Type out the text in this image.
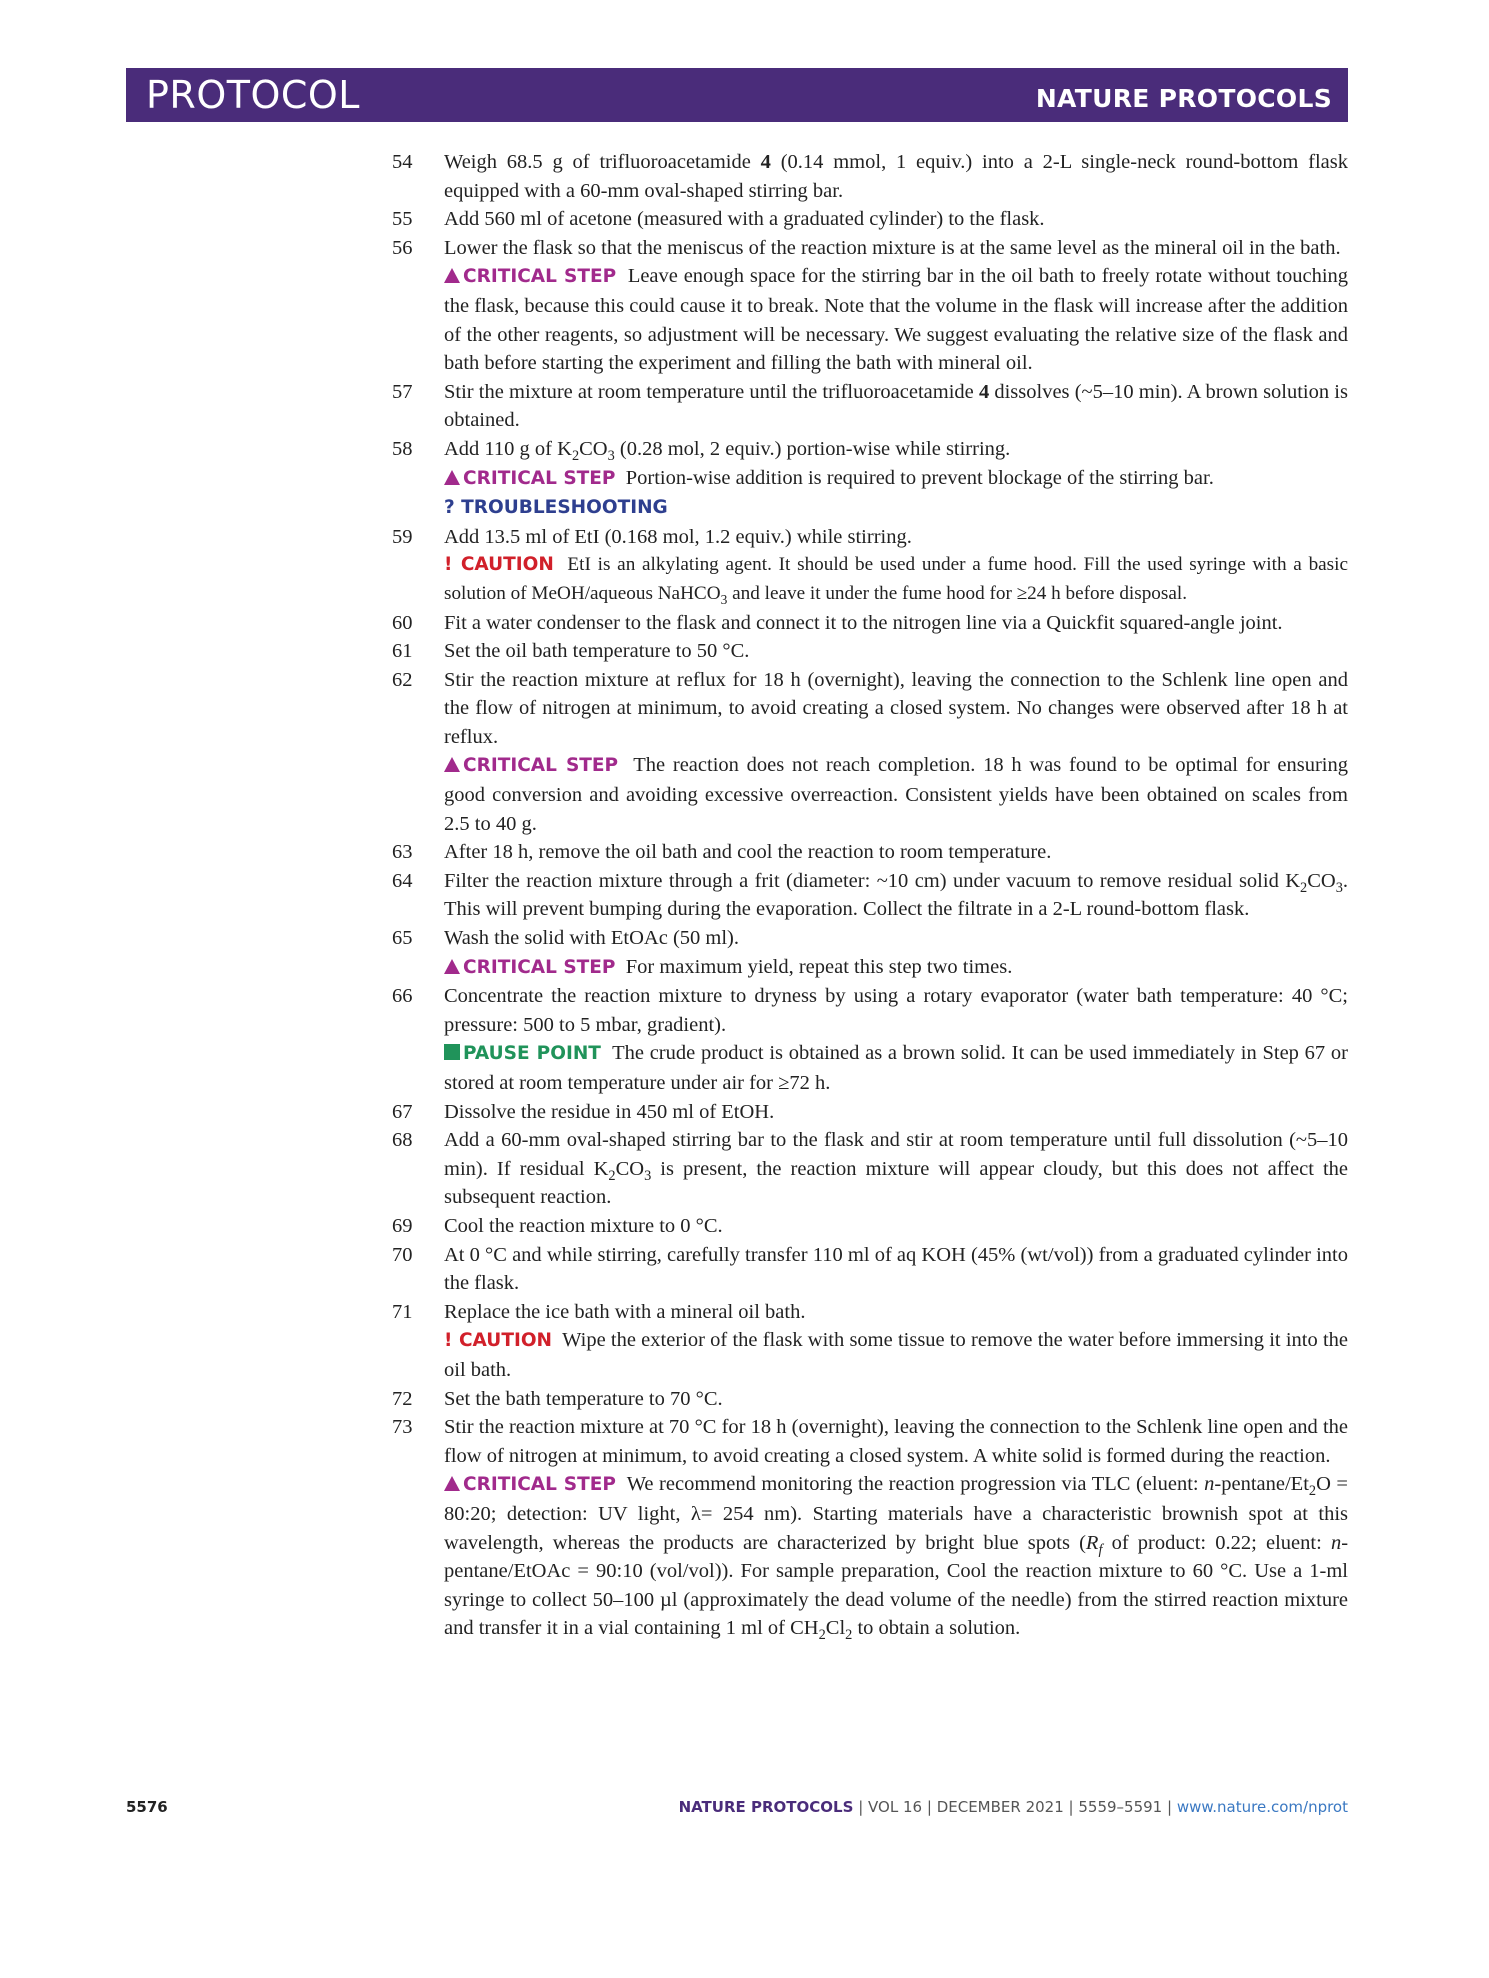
PROTOCOL	NATURE PROTOCOLS
54	Weigh 68.5 g of trifluoroacetamide 4 (0.14 mmol, 1 equiv.) into a 2-L single-neck round-bottom flask equipped with a 60-mm oval-shaped stirring bar.

55	Add 560 ml of acetone (measured with a graduated cylinder) to the flask.

56	Lower the flask so that the meniscus of the reaction mixture is at the same level as the mineral oil in the bath.

CRITICAL STEP Leave enough space for the stirring bar in the oil bath to freely rotate without touching the flask, because this could cause it to break. Note that the volume in the flask will increase after the addition of the other reagents, so adjustment will be necessary. We suggest evaluating the relative size of the flask and bath before starting the experiment and filling the bath with mineral oil.

57	Stir the mixture at room temperature until the trifluoroacetamide 4 dissolves (~5–10 min). A brown solution is obtained.

58	Add 110 g of $K_2CO_3$ (0.28 mol, 2 equiv.) portion-wise while stirring.

CRITICAL STEP Portion-wise addition is required to prevent blockage of the stirring bar.

? TROUBLESHOOTING

59	Add 13.5 ml of EtI (0.168 mol, 1.2 equiv.) while stirring.

! CAUTION EtI is an alkylating agent. It should be used under a fume hood. Fill the used syringe with a basic solution of MeOH/aqueous NaHCO$_3$ and leave it under the fume hood for ≥24 h before disposal.

60	Fit a water condenser to the flask and connect it to the nitrogen line via a Quickfit squared-angle joint.

61	Set the oil bath temperature to 50 °C.

62	Stir the reaction mixture at reflux for 18 h (overnight), leaving the connection to the Schlenk line open and the flow of nitrogen at minimum, to avoid creating a closed system. No changes were observed after 18 h at reflux.

CRITICAL STEP The reaction does not reach completion. 18 h was found to be optimal for ensuring good conversion and avoiding excessive overreaction. Consistent yields have been obtained on scales from 2.5 to 40 g.

63	After 18 h, remove the oil bath and cool the reaction to room temperature.

64	Filter the reaction mixture through a frit (diameter: ~10 cm) under vacuum to remove residual solid $K_2CO_3$. This will prevent bumping during the evaporation. Collect the filtrate in a 2-L round-bottom flask.

65	Wash the solid with EtOAc (50 ml).

CRITICAL STEP For maximum yield, repeat this step two times.

66	Concentrate the reaction mixture to dryness by using a rotary evaporator (water bath temperature: 40 °C; pressure: 500 to 5 mbar, gradient).

PAUSE POINT The crude product is obtained as a brown solid. It can be used immediately in Step 67 or stored at room temperature under air for ≥72 h.

67	Dissolve the residue in 450 ml of EtOH.

68	Add a 60-mm oval-shaped stirring bar to the flask and stir at room temperature until full dissolution (~5–10 min). If residual $K_2CO_3$ is present, the reaction mixture will appear cloudy, but this does not affect the subsequent reaction.

69	Cool the reaction mixture to 0 °C.

70	At 0 °C and while stirring, carefully transfer 110 ml of aq KOH (45% (wt/vol)) from a graduated cylinder into the flask.

71	Replace the ice bath with a mineral oil bath.

! CAUTION Wipe the exterior of the flask with some tissue to remove the water before immersing it into the oil bath.

72	Set the bath temperature to 70 °C.

73	Stir the reaction mixture at 70 °C for 18 h (overnight), leaving the connection to the Schlenk line open and the flow of nitrogen at minimum, to avoid creating a closed system. A white solid is formed during the reaction.

CRITICAL STEP We recommend monitoring the reaction progression via TLC (eluent: $n-pentane/Et_2O$ = 80:20; detection: UV light, λ= 254 nm). Starting materials have a characteristic brownish spot at this wavelength, whereas the products are characterized by bright blue spots ($R_f$ of product: 0.22; eluent: n-pentane/EtOAc = 90:10 (vol/vol)). For sample preparation, Cool the reaction mixture to 60 °C. Use a 1-ml syringe to collect 50–100 µl (approximately the dead volume of the needle) from the stirred reaction mixture and transfer it in a vial containing 1 ml of $CH_2Cl_2$ to obtain a solution.

5576	NATURE PROTOCOLS | VOL 16 | DECEMBER 2021 | 5559–5591 | www.nature.com/nprot
